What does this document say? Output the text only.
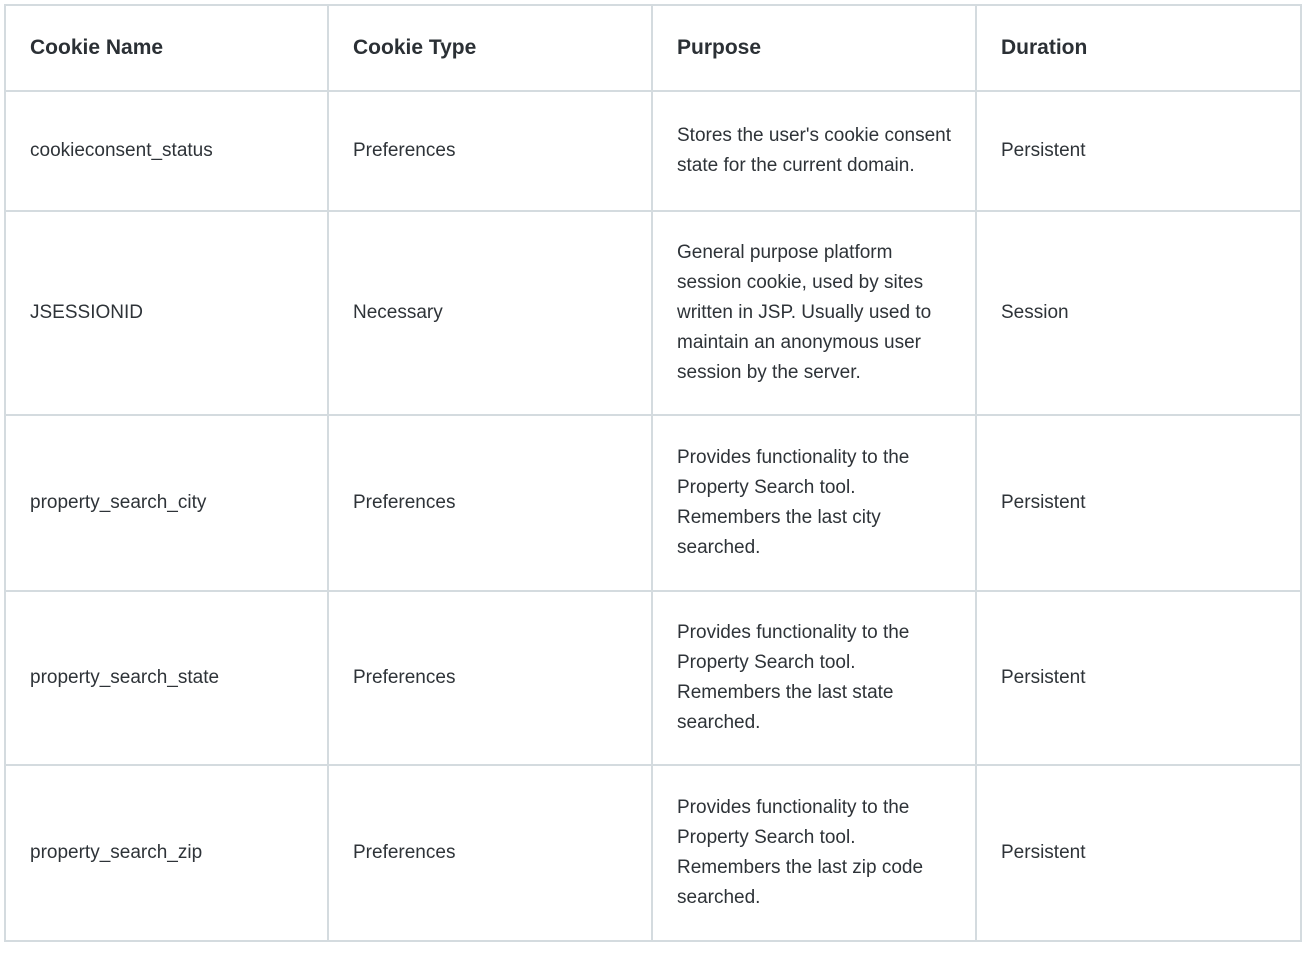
Cookie Name	Cookie Type	Purpose	Duration
cookieconsent_status	Preferences	Stores the user's cookie consent state for the current domain.	Persistent
JSESSIONID	Necessary	General purpose platform session cookie, used by sites written in JSP. Usually used to maintain an anonymous user session by the server.	Session
property_search_city	Preferences	Provides functionality to the Property Search tool. Remembers the last city searched.	Persistent
property_search_state	Preferences	Provides functionality to the Property Search tool. Remembers the last state searched.	Persistent
property_search_zip	Preferences	Provides functionality to the Property Search tool. Remembers the last zip code searched.	Persistent
